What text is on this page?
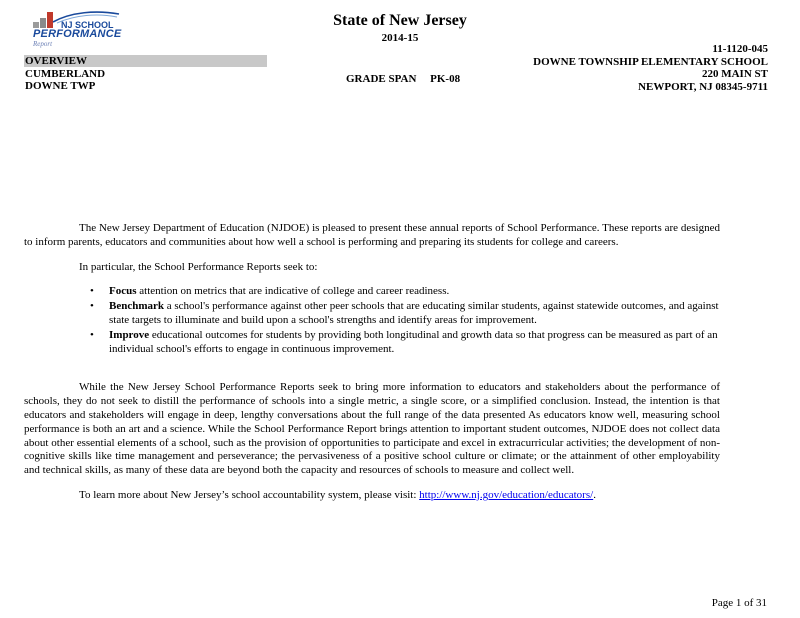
NJ SCHOOL
PERFORMANCE
Report
State of New Jersey
2014-15
OVERVIEW
CUMBERLAND
DOWNE TWP
GRADE SPAN PK-08
11-1120-045
DOWNE TOWNSHIP ELEMENTARY SCHOOL
220 MAIN ST
NEWPORT, NJ 08345-9711

The New Jersey Department of Education (NJDOE) is pleased to present these annual reports of School Performance. These reports are designed to inform parents, educators and communities about how well a school is performing and preparing its students for college and careers.

In particular, the School Performance Reports seek to:

• Focus attention on metrics that are indicative of college and career readiness.
• Benchmark a school's performance against other peer schools that are educating similar students, against statewide outcomes, and against state targets to illuminate and build upon a school's strengths and identify areas for improvement.
• Improve educational outcomes for students by providing both longitudinal and growth data so that progress can be measured as part of an individual school's efforts to engage in continuous improvement.

While the New Jersey School Performance Reports seek to bring more information to educators and stakeholders about the performance of schools, they do not seek to distill the performance of schools into a single metric, a single score, or a simplified conclusion. Instead, the intention is that educators and stakeholders will engage in deep, lengthy conversations about the full range of the data presented As educators know well, measuring school performance is both an art and a science. While the School Performance Report brings attention to important student outcomes, NJDOE does not collect data about other essential elements of a school, such as the provision of opportunities to participate and excel in extracurricular activities; the development of non-cognitive skills like time management and perseverance; the pervasiveness of a positive school culture or climate; or the attainment of other employability and technical skills, as many of these data are beyond both the capacity and resources of schools to measure and collect well.

To learn more about New Jersey’s school accountability system, please visit: http://www.nj.gov/education/educators/.

Page 1 of 31
